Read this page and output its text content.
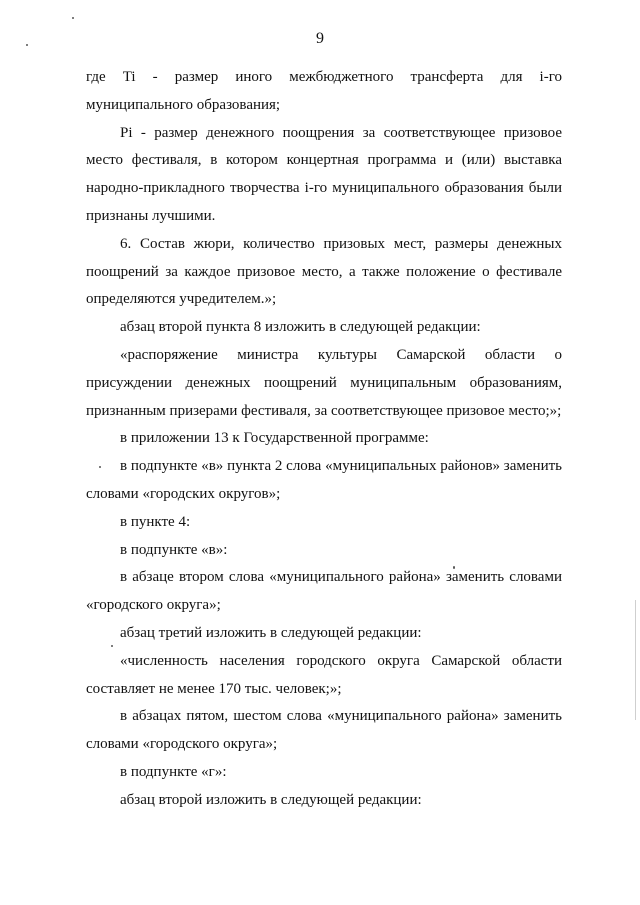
9

где Ti - размер иного межбюджетного трансферта для i-го муниципального образования;

Pi - размер денежного поощрения за соответствующее призовое место фестиваля, в котором концертная программа и (или) выставка народно-прикладного творчества i-го муниципального образования были признаны лучшими.

6. Состав жюри, количество призовых мест, размеры денежных поощрений за каждое призовое место, а также положение о фестивале определяются учредителем.»;

абзац второй пункта 8 изложить в следующей редакции:

«распоряжение министра культуры Самарской области о присуждении денежных поощрений муниципальным образованиям, признанным призерами фестиваля, за соответствующее призовое место;»;

в приложении 13 к Государственной программе:

в подпункте «в» пункта 2 слова «муниципальных районов» заменить словами «городских округов»;

в пункте 4:

в подпункте «в»:

в абзаце втором слова «муниципального района» заменить словами «городского округа»;

абзац третий изложить в следующей редакции:

«численность населения городского округа Самарской области составляет не менее 170 тыс. человек;»;

в абзацах пятом, шестом слова «муниципального района» заменить словами «городского округа»;

в подпункте «г»:

абзац второй изложить в следующей редакции:
